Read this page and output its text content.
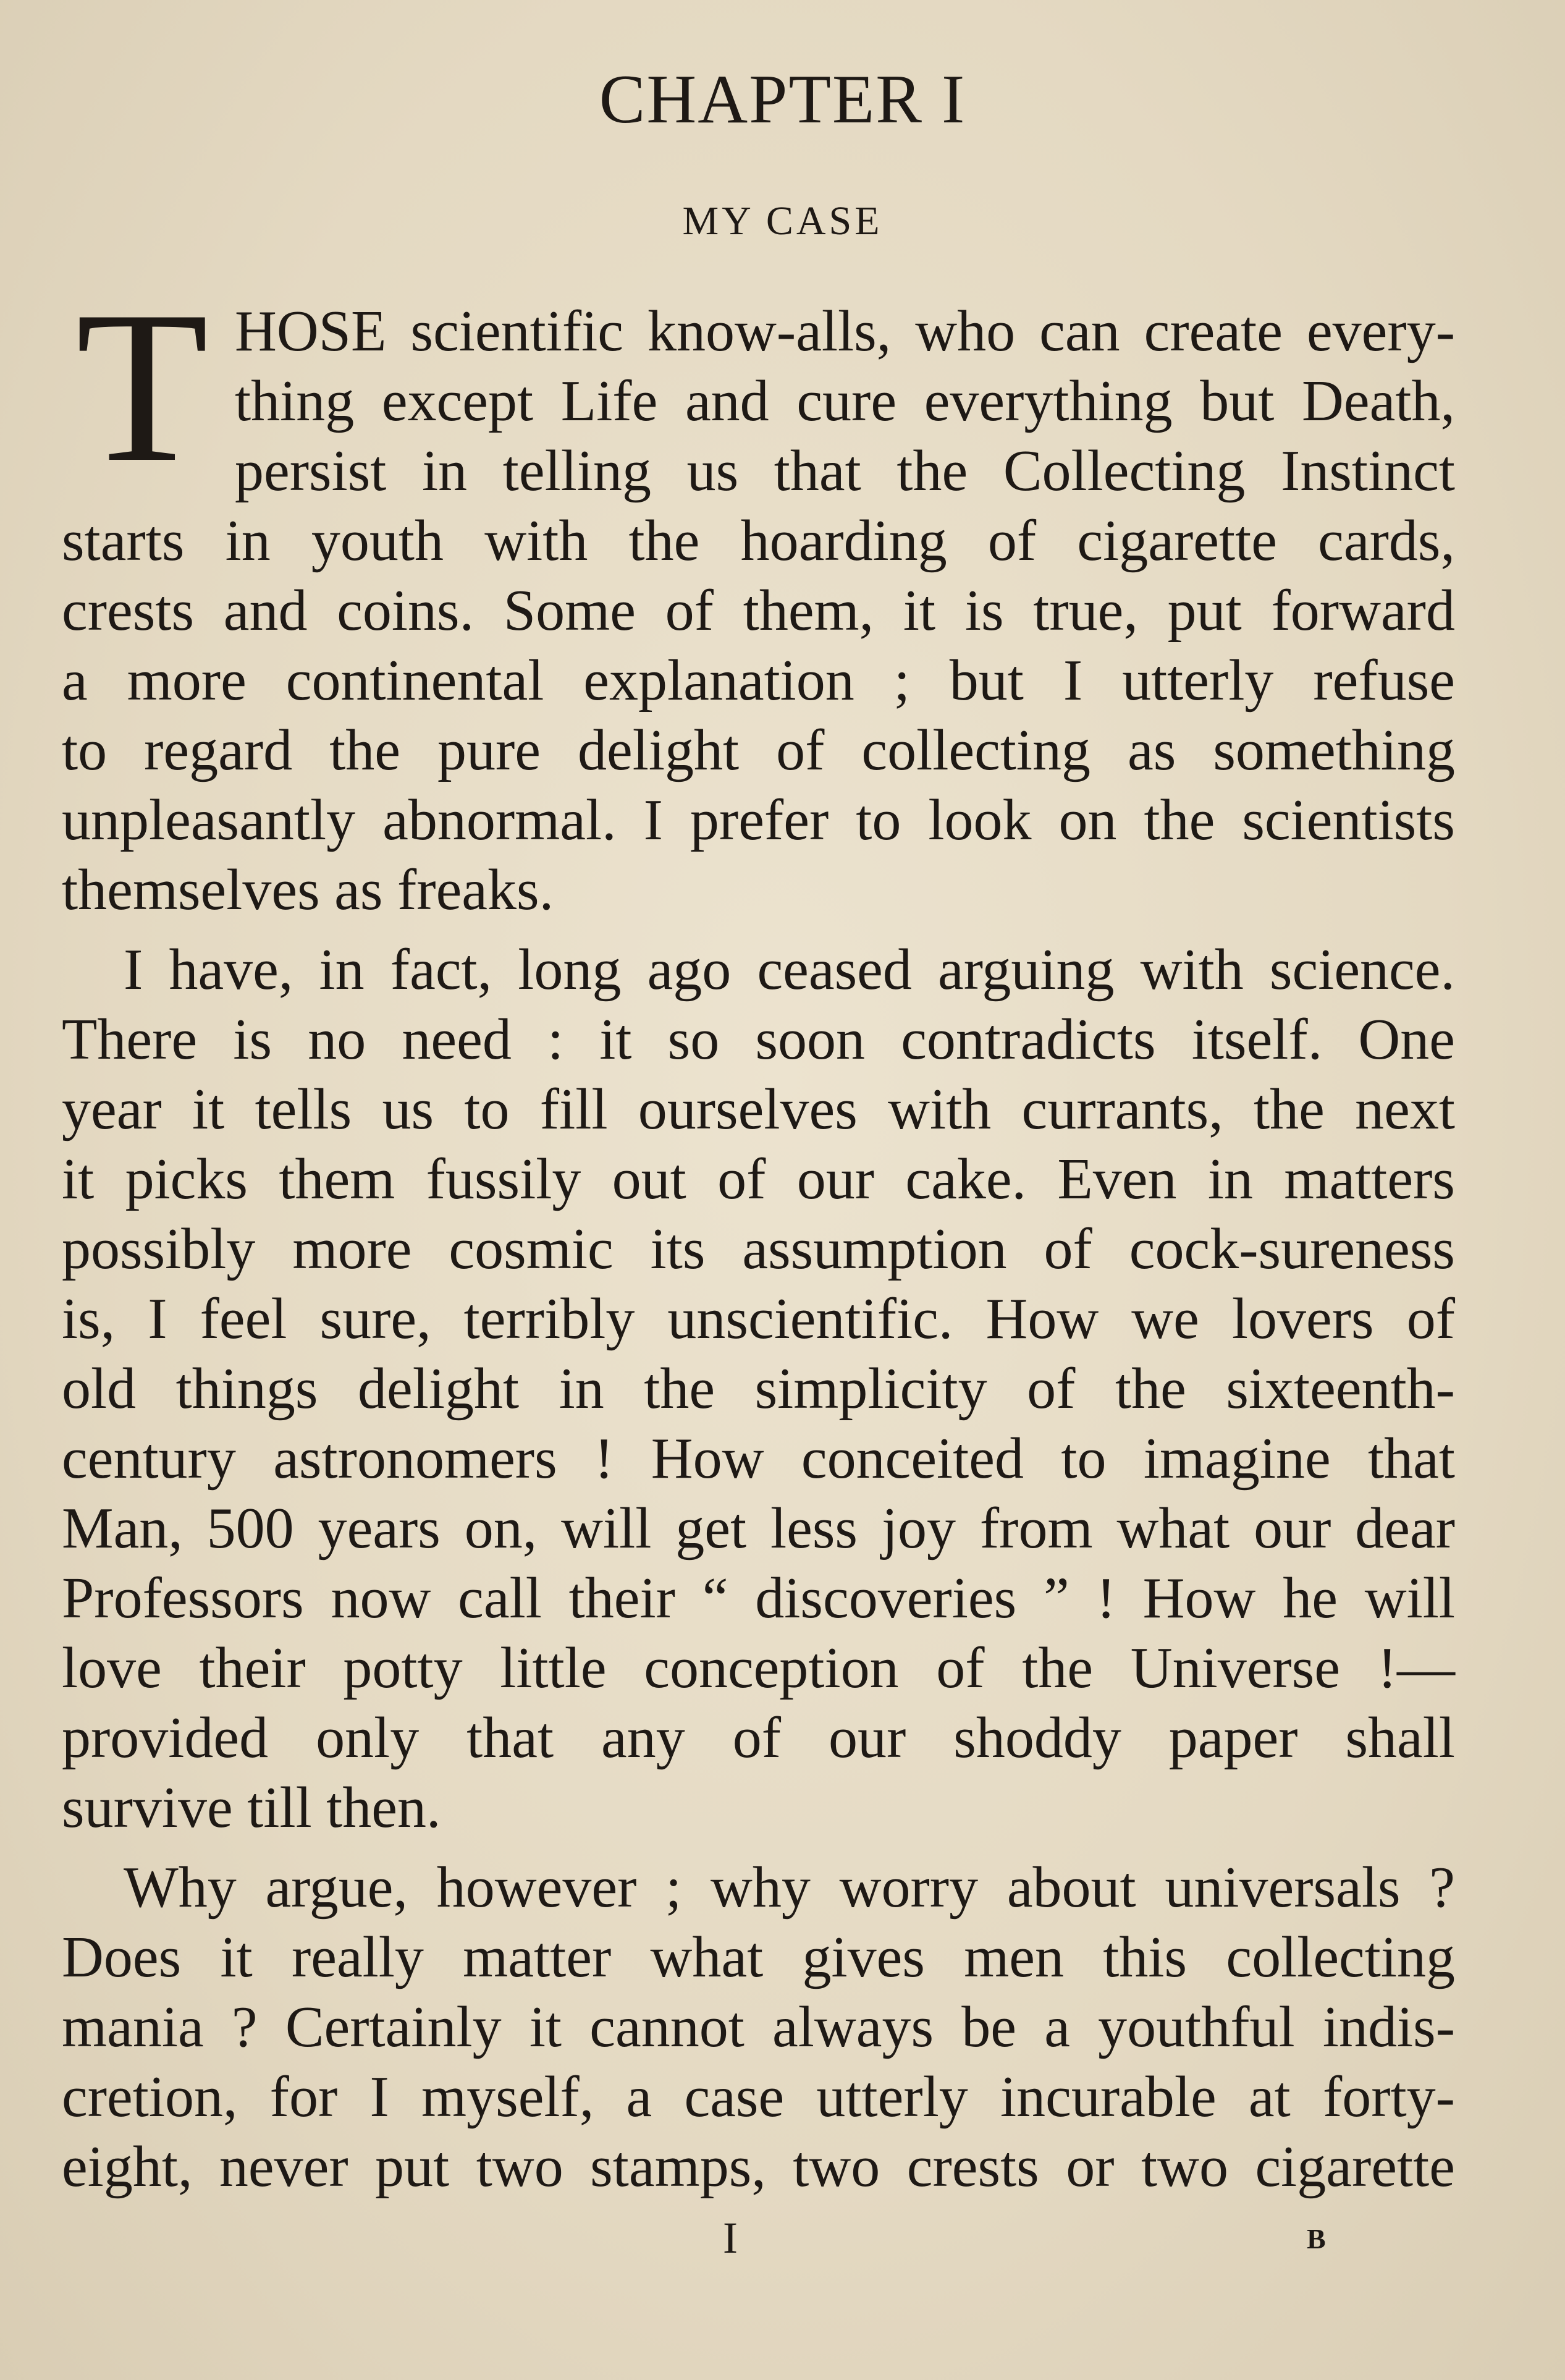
CHAPTER I
MY CASE
T HOSE scientific know-alls, who can create every-
thing except Life and cure everything but Death,
persist in telling us that the Collecting Instinct
starts in youth with the hoarding of cigarette cards,
crests and coins. Some of them, it is true, put forward
a more continental explanation ; but I utterly refuse
to regard the pure delight of collecting as something
unpleasantly abnormal. I prefer to look on the scientists
themselves as freaks.
I have, in fact, long ago ceased arguing with science.
There is no need : it so soon contradicts itself. One
year it tells us to fill ourselves with currants, the next
it picks them fussily out of our cake. Even in matters
possibly more cosmic its assumption of cock-sureness
is, I feel sure, terribly unscientific. How we lovers of
old things delight in the simplicity of the sixteenth-
century astronomers ! How conceited to imagine that
Man, 500 years on, will get less joy from what our dear
Professors now call their “ discoveries ” ! How he will
love their potty little conception of the Universe !—
provided only that any of our shoddy paper shall
survive till then.
Why argue, however ; why worry about universals ?
Does it really matter what gives men this collecting
mania ? Certainly it cannot always be a youthful indis-
cretion, for I myself, a case utterly incurable at forty-
eight, never put two stamps, two crests or two cigarette
I	B
